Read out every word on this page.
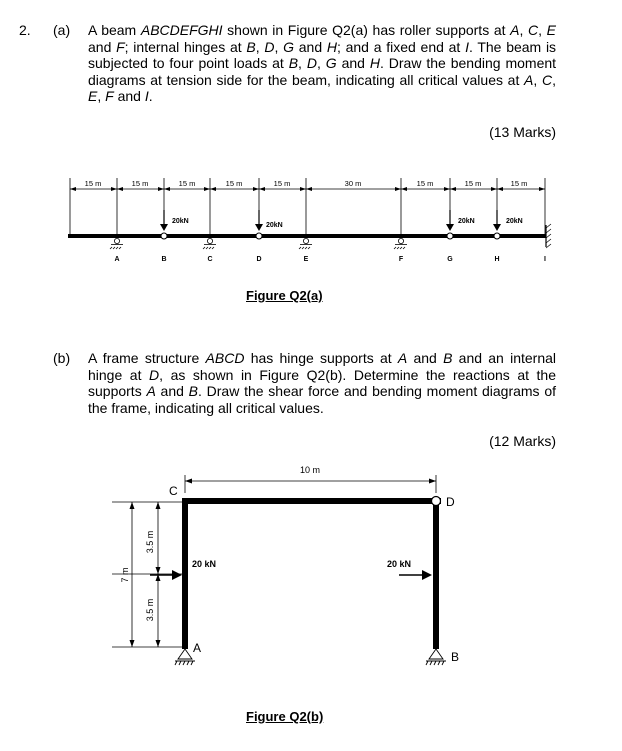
2. (a) A beam ABCDEFGHI shown in Figure Q2(a) has roller supports at A, C, E and F; internal hinges at B, D, G and H; and a fixed end at I. The beam is subjected to four point loads at B, D, G and H. Draw the bending moment diagrams at tension side for the beam, indicating all critical values at A, C, E, F and I.
(13 Marks)
15 m	15 m	15 m	15 m	15 m	30 m	15 m	15 m	15 m
20kN
20kN
20kN	20kN
A	B	C	D	E	F	G	H	I
Figure Q2(a)
(b) A frame structure ABCD has hinge supports at A and B and an internal hinge at D, as shown in Figure Q2(b). Determine the reactions at the supports A and B. Draw the shear force and bending moment diagrams of the frame, indicating all critical values.
(12 Marks)
10 m
7 m
3.5 m
3.5 m
20 kN	20 kN
C
D
A
B
Figure Q2(b)
